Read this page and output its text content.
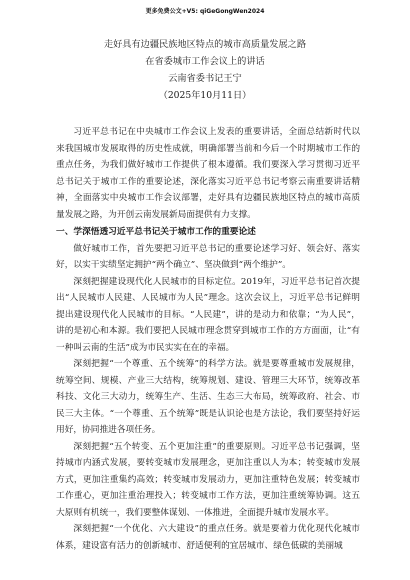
更多免费公文+V5: qiGeGongWen2024
走好具有边疆民族地区特点的城市高质量发展之路
在省委城市工作会议上的讲话
云南省委书记王宁
（2025年10月11日）

习近平总书记在中央城市工作会议上发表的重要讲话，全面总结新时代以来我国城市发展取得的历史性成就，明确部署当前和今后一个时期城市工作的重点任务，为我们做好城市工作提供了根本遵循。我们要深入学习贯彻习近平总书记关于城市工作的重要论述，深化落实习近平总书记考察云南重要讲话精神，全面落实中央城市工作会议部署，走好具有边疆民族地区特点的城市高质量发展之路，为开创云南发展新局面提供有力支撑。

一、学深悟透习近平总书记关于城市工作的重要论述

做好城市工作，首先要把习近平总书记的重要论述学习好、领会好、落实好，以实干实绩坚定拥护“两个确立”、坚决做到“两个维护”。

深刻把握建设现代化人民城市的目标定位。2019年，习近平总书记首次提出“人民城市人民建、人民城市为人民”理念。这次会议上，习近平总书记鲜明提出建设现代化人民城市的目标。“人民建”，讲的是动力和依靠；“为人民”，讲的是初心和本源。我们要把人民城市理念贯穿到城市工作的方方面面，让“有一种叫云南的生活”成为市民实实在在的幸福。

深刻把握“一个尊重、五个统筹”的科学方法。就是要尊重城市发展规律，统筹空间、规模、产业三大结构，统筹规划、建设、管理三大环节，统筹改革科技、文化三大动力，统筹生产、生活、生态三大布局，统筹政府、社会、市民三大主体。“一个尊重、五个统筹”既是认识论也是方法论，我们要坚持好运用好，协同推进各项任务。

深刻把握“五个转变、五个更加注重”的重要原则。习近平总书记强调，坚持城市内涵式发展，要转变城市发展理念，更加注重以人为本；转变城市发展方式，更加注重集约高效；转变城市发展动力，更加注重特色发展；转变城市工作重心，更加注重治理投入；转变城市工作方法，更加注重统筹协调。这五大原则有机统一，我们要整体谋划、一体推进，全面提升城市发展水平。

深刻把握“一个优化、六大建设”的重点任务。就是要着力优化现代化城市体系，建设富有活力的创新城市、舒适便利的宜居城市、绿色低碳的美丽城
